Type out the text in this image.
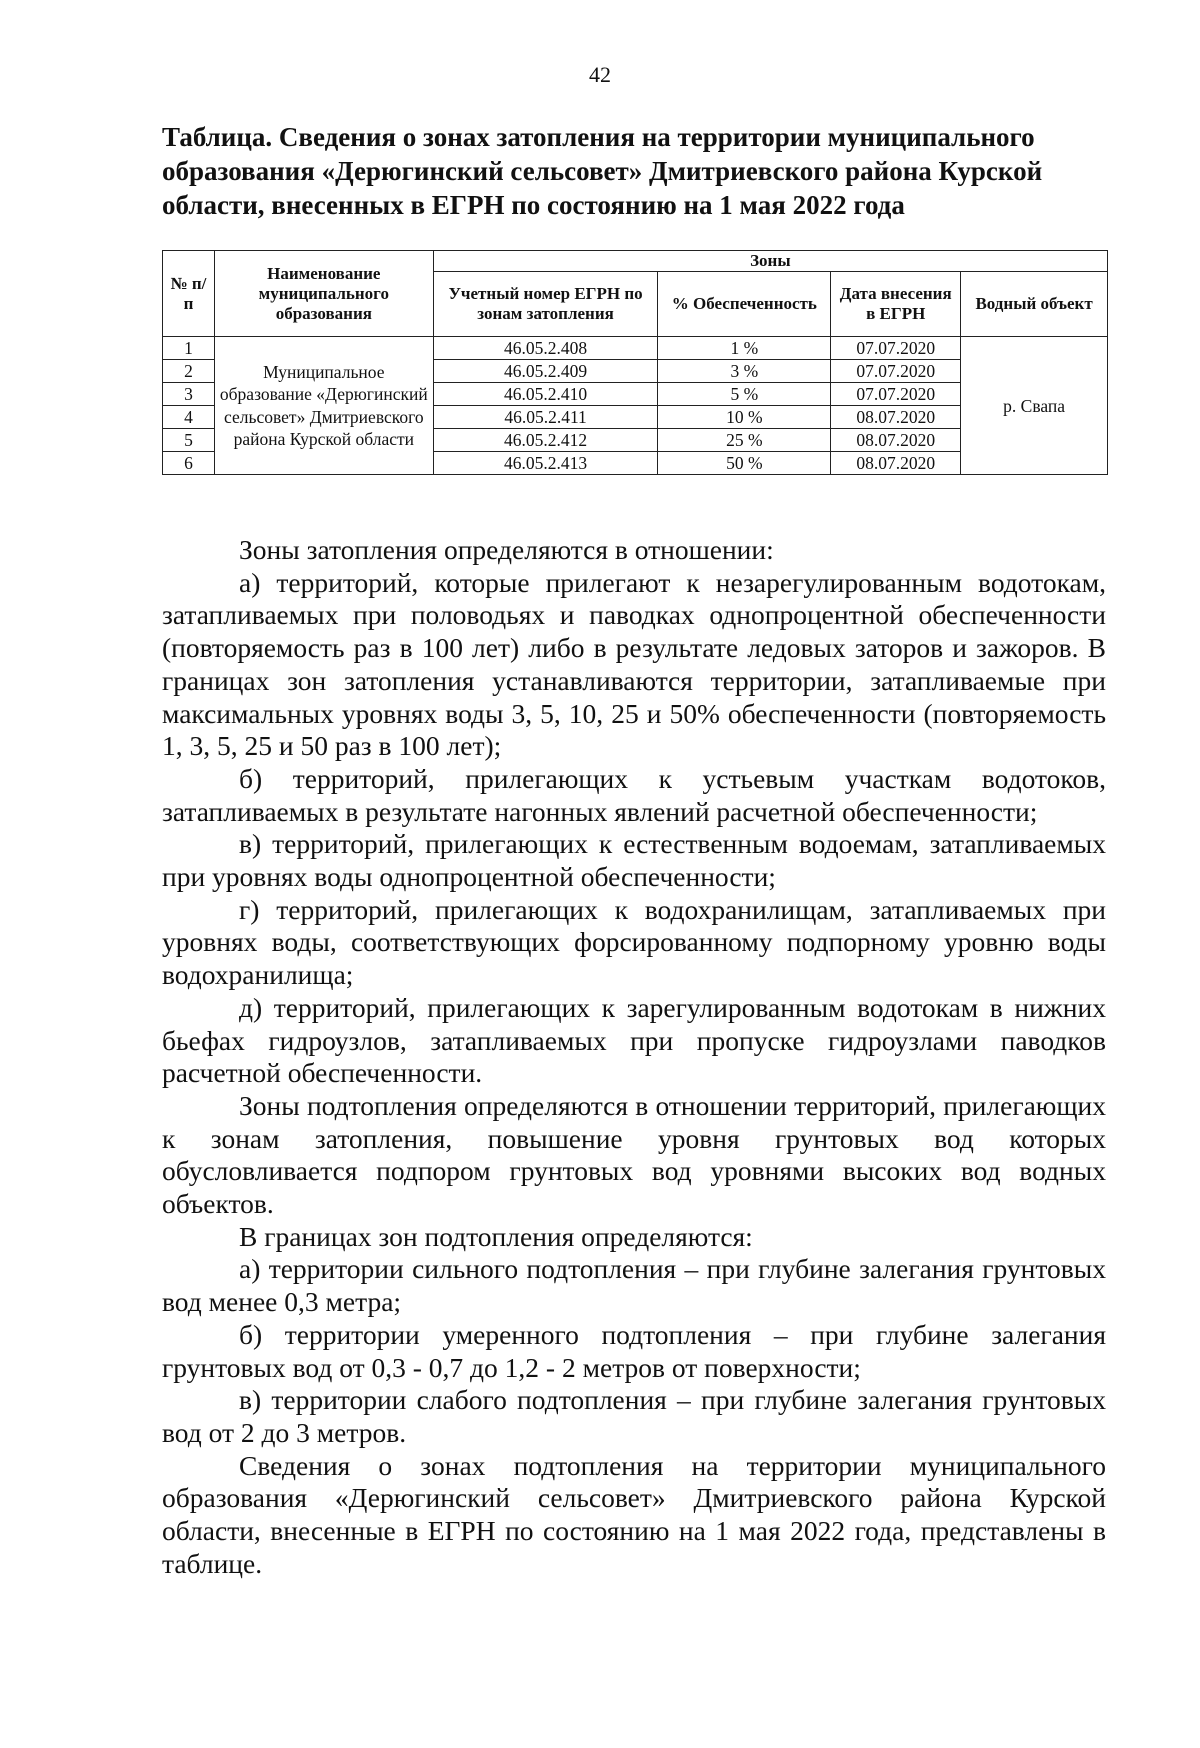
42
Таблица. Сведения о зонах затопления на территории муниципального
образования «Дерюгинский сельсовет» Дмитриевского района Курской
области, внесенных в ЕГРН по состоянию на 1 мая 2022 года
№ п/п	Наименование муниципального образования	Зоны			
		Учетный номер ЕГРН по зонам затопления	% Обеспеченность	Дата внесения в ЕГРН	Водный объект
1	Муниципальное образование «Дерюгинский сельсовет» Дмитриевского района Курской области	46.05.2.408	1 %	07.07.2020	р. Свапа
2		46.05.2.409	3 %	07.07.2020	
3		46.05.2.410	5 %	07.07.2020	
4		46.05.2.411	10 %	08.07.2020	
5		46.05.2.412	25 %	08.07.2020	
6		46.05.2.413	50 %	08.07.2020	

Зоны затопления определяются в отношении:

а) территорий, которые прилегают к незарегулированным водотокам, затапливаемых при половодьях и паводках однопроцентной обеспеченности (повторяемость раз в 100 лет) либо в результате ледовых заторов и зажоров. В границах зон затопления устанавливаются территории, затапливаемые при максимальных уровнях воды 3, 5, 10, 25 и 50% обеспеченности (повторяемость 1, 3, 5, 25 и 50 раз в 100 лет);

б) территорий, прилегающих к устьевым участкам водотоков, затапливаемых в результате нагонных явлений расчетной обеспеченности;

в) территорий, прилегающих к естественным водоемам, затапливаемых при уровнях воды однопроцентной обеспеченности;

г) территорий, прилегающих к водохранилищам, затапливаемых при уровнях воды, соответствующих форсированному подпорному уровню воды водохранилища;

д) территорий, прилегающих к зарегулированным водотокам в нижних бьефах гидроузлов, затапливаемых при пропуске гидроузлами паводков расчетной обеспеченности.

Зоны подтопления определяются в отношении территорий, прилегающих к зонам затопления, повышение уровня грунтовых вод которых обусловливается подпором грунтовых вод уровнями высоких вод водных объектов.

В границах зон подтопления определяются:

а) территории сильного подтопления – при глубине залегания грунтовых вод менее 0,3 метра;

б) территории умеренного подтопления – при глубине залегания грунтовых вод от 0,3 - 0,7 до 1,2 - 2 метров от поверхности;

в) территории слабого подтопления – при глубине залегания грунтовых вод от 2 до 3 метров.

Сведения о зонах подтопления на территории муниципального образования «Дерюгинский сельсовет» Дмитриевского района Курской области, внесенные в ЕГРН по состоянию на 1 мая 2022 года, представлены в таблице.
